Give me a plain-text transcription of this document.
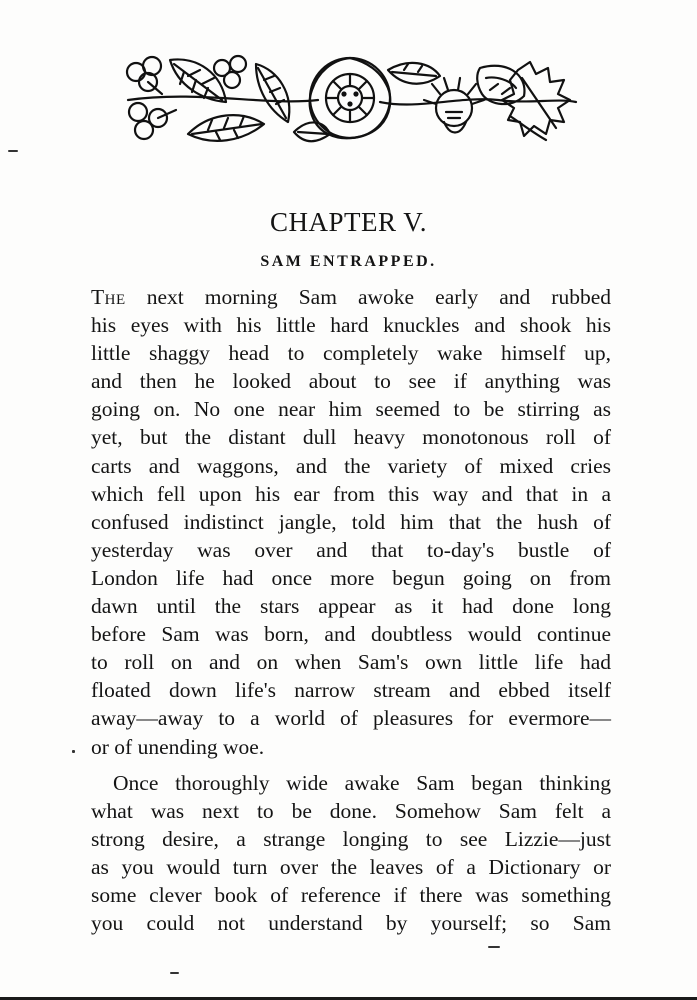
CHAPTER V.
SAM ENTRAPPED.
The next morning Sam awoke early and rubbed
his eyes with his little hard knuckles and shook his
little shaggy head to completely wake himself up,
and then he looked about to see if anything was
going on. No one near him seemed to be stirring as
yet, but the distant dull heavy monotonous roll of
carts and waggons, and the variety of mixed cries
which fell upon his ear from this way and that in a
confused indistinct jangle, told him that the hush of
yesterday was over and that to-day's bustle of
London life had once more begun going on from
dawn until the stars appear as it had done long
before Sam was born, and doubtless would continue
to roll on and on when Sam's own little life had
floated down life's narrow stream and ebbed itself
away—away to a world of pleasures for evermore—
or of unending woe.
Once thoroughly wide awake Sam began thinking
what was next to be done. Somehow Sam felt a
strong desire, a strange longing to see Lizzie—just
as you would turn over the leaves of a Dictionary or
some clever book of reference if there was something
you could not understand by yourself; so Sam
